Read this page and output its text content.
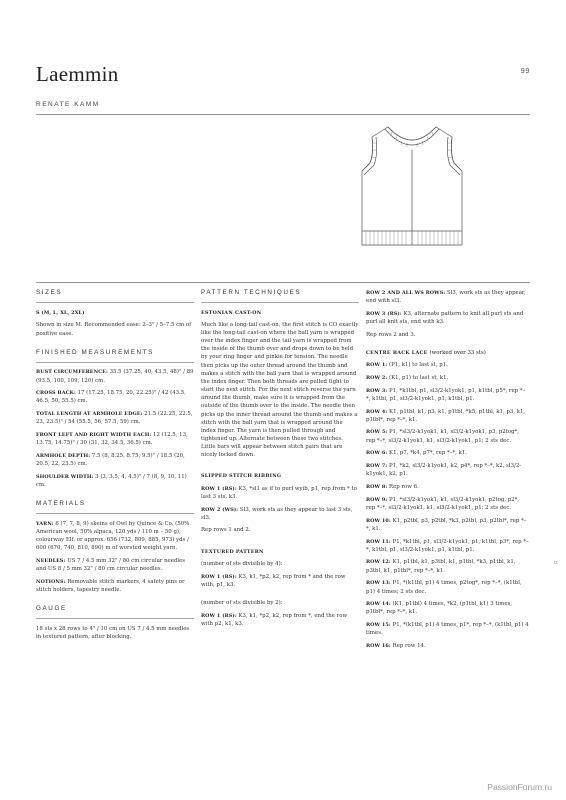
Laemmin	99
RENATE KAMM
SIZES

S (M, L, XL, 2XL)

Shown in size M. Recommended ease: 2–3" / 5–7.5 cm of positive ease.

FINISHED MEASUREMENTS

BUST CIRCUMFERENCE: 35.5 (37.25, 40, 43.5, 48)" / 89 (93.5, 100, 109, 120) cm.

CROSS BACK: 17 (17.25, 18.75, 20, 22.25)" / 42 (43.5, 46.5, 50, 55.5) cm.

TOTAL LENGTH AT ARMHOLE EDGE: 21.5 (22.25, 22.5, 23, 23.5)" / 54 (55.5, 56, 57.5, 59) cm.

FRONT LEFT AND RIGHT WIDTH EACH: 12 (12.5, 13, 13.75, 14.75)" / 30 (31, 32, 34.5, 36.5) cm.

ARMHOLE DEPTH: 7.5 (8, 8.25, 8.75, 9.5)" / 18.5 (20, 20.5, 22, 23.5) cm.

SHOULDER WIDTH: 3 (3, 3.5, 4, 4.5)" / 7 (8, 9, 10, 11) cm.

MATERIALS

YARN: 6 (7, 7, 8, 9) skeins of Owl by Quince & Co. (50% American wool, 50% alpaca, 120 yds / 110 m – 50 g), colourway Elf, or approx. 656 (732, 809, 885, 973) yds / 600 (670, 740, 810, 890) m of worsted weight yarn.

NEEDLES: US 7 / 4.5 mm 32" / 80 cm circular needles and US 8 / 5 mm 32" / 80 cm circular needles.

NOTIONS: Removable stitch markers, 4 safety pins or stitch holders, tapestry needle.

GAUGE

18 sts x 28 rows to 4" / 10 cm on US 7 / 4.5 mm needles in textured pattern, after blocking.

PATTERN TECHNIQUES
ESTONIAN CAST-ON

Much like a long-tail cast-on, the first stitch is CO exactly like the long-tail cast-on where the ball yarn is wrapped over the index finger and the tail yarn is wrapped from the inside of the thumb over and drops down to be held by your ring finger and pinkie for tension. The needle then picks up the outer thread around the thumb and makes a stitch with the ball yarn that is wrapped around the index finger. Then both threads are pulled tight to start the next stitch. For the next stitch reverse the yarn around the thumb, make sure it is wrapped from the outside of the thumb over to the inside. The needle then picks up the inner thread around the thumb and makes a stitch with the ball yarn that is wrapped around the index finger. The yarn is then pulled through and tightened up. Alternate between these two stitches. Little bars will appear between stitch pairs that are nicely locked down.

SLIPPED STITCH RIBBING

ROW 1 (RS): K3, *sl1 as if to purl wyib, p1, rep from * to last 3 sts, k3.

ROW 2 (WS): Sl3, work sts as they appear to last 3 sts, sl3.

Rep rows 1 and 2.

TEXTURED PATTERN

(number of sts divisible by 4):

ROW 1 (RS): K3, k1, *p2, k2, rep from * and the row with, p1, k3.

(number of sts divisible by 2):

ROW 1 (RS): K3, k1, *p2, k2, rep from *, end the row with p2, k1, k3.

ROW 2 AND ALL WS ROWS: Sl3, work sts as they appear, end with sl3.

ROW 3 (RS): K3, alternate pattern to knit all purl sts and purl all knit sts, end with k3.

Rep rows 2 and 3.

CENTRE BACK LACE (worked over 33 sts)

ROW 1: (P1, k1) to last st, p1.

ROW 2: (K1, p1) to last st, k1.

ROW 3: P1, *k1tbl, p1, sl3/2-k1yok1, p1, k1tbl, p5*, rep *–*, k1tbl, p1, sl3/2-k1yok1, p1, k1tbl, p1.

ROW 4: K1, p1tbl, k1, p3, k1, p1tbl, *k5, p1tbl, k1, p3, k1, p1tbl*, rep *–*, k1.

ROW 5: P1, *sl3/2-k1yok1, k1, sl3/2-k1yok1, p3, p2tog*, rep *–*, sl3/2-k1yok1, k1, sl3/2-k1yok1, p1; 2 sts dec.

ROW 6: K1, p7, *k4, p7*, rep *–*, k1.

ROW 7: P1, *k2, sl3/2-k1yok1, k2, p4*, rep *–*, k2, sl3/2-k1yok1, k2, p1.

ROW 8: Rep row 6.

ROW 9: P1, *sl3/2-k1yok1, k1, sl3/2-k1yok1, p2tog, p2*, rep *–*, sl3/2-k1yok1, k1, sl3/2-k1yok1, p1; 2 sts dec.

ROW 10: K1, p2tbl, p3, p2tbl, *k3, p2tbl, p3, p2tbl*, rep *–*, k1.

ROW 11: P1, *k1tbl, p1, sl3/2-k1yok1, p1, k1tbl, p3*, rep *–*, k1tbl, p1, sl3/2-k1yok1, p1, k1tbl, p1.

ROW 12: K1, p1tbl, k1, p3tbl, k1, p1tbl, *k3, p1tbl, k1, p3tbl, k1, p1tbl*, rep *–*, k1.

ROW 13: P1, *(k1tbl, p1) 4 times, p2tog*, rep *–*, (k1tbl, p1) 4 times; 2 sts dec.

ROW 14: (K1, p1tbl) 4 times, *k2, (p1tbl, k1) 3 times, p1tbl*, rep *–*, k1.

ROW 15: P1, *(k1tbl, p1) 4 times, p1*, rep *–*, (k1tbl, p1) 4 times.

ROW 16: Rep row 14.

tt
PassionForum.ru
